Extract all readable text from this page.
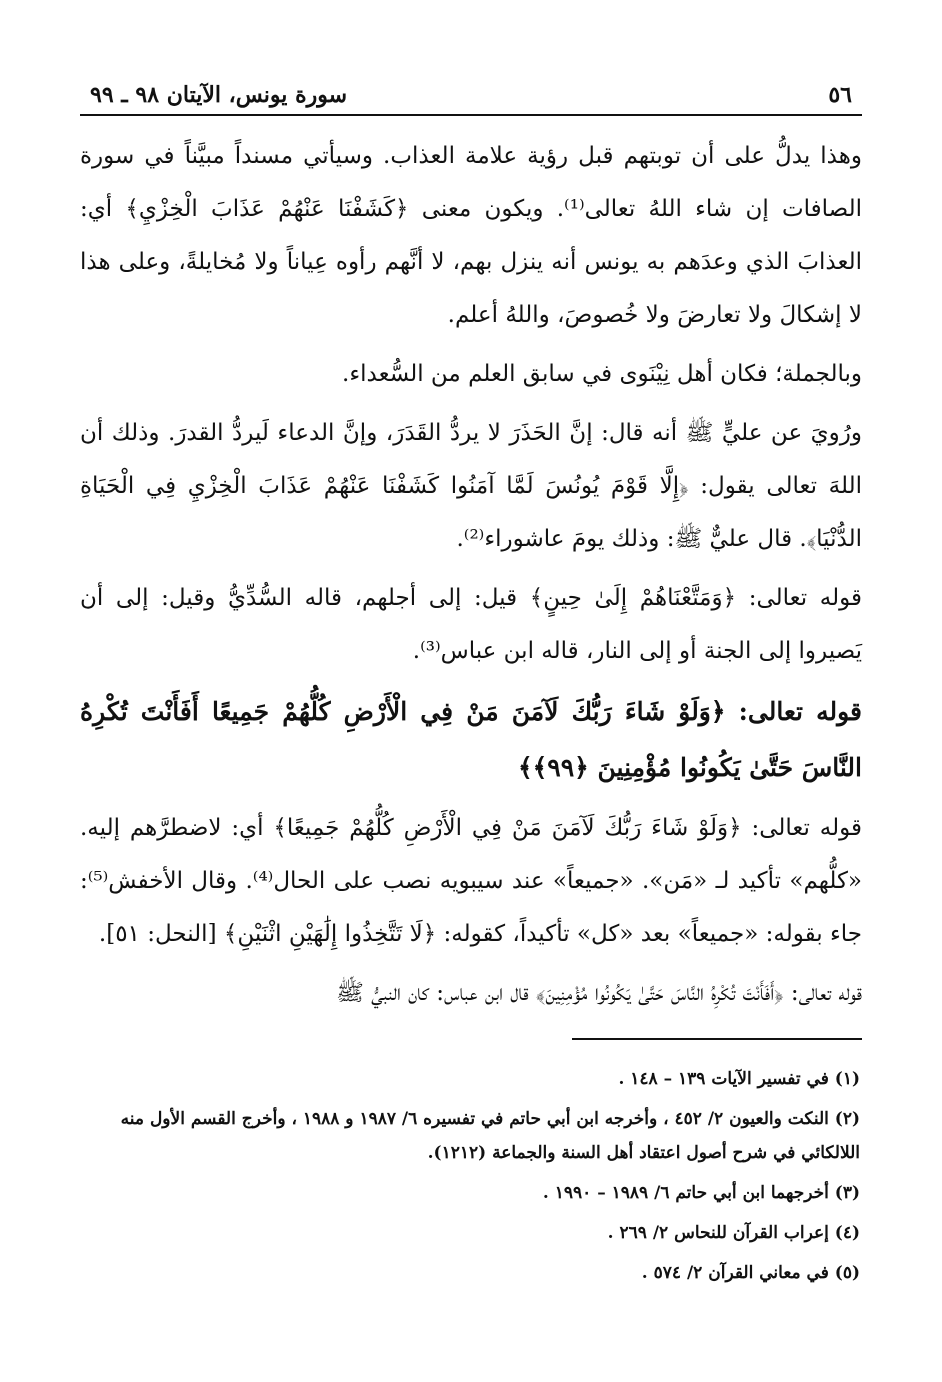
٥٦
سورة يونس، الآيتان ٩٨ ـ ٩٩

وهذا يدلُّ على أن توبتهم قبل رؤية علامة العذاب. وسيأتي مسنداً مبيَّناً في سورة الصافات إن شاء اللهُ تعالى⁽¹⁾. ويكون معنى ﴿كَشَفْنَا عَنْهُمْ عَذَابَ الْخِزْيِ﴾ أي: العذابَ الذي وعدَهم به يونس أنه ينزل بهم، لا أنَّهم رأوه عِياناً ولا مُخايلةً، وعلى هذا لا إشكالَ ولا تعارضَ ولا خُصوصَ، واللهُ أعلم.

وبالجملة؛ فكان أهل نِيْنَوى في سابق العلم من السُّعداء.

ورُويَ عن عليٍّ ﷺ أنه قال: إنَّ الحَذَرَ لا يردُّ القَدَرَ، وإنَّ الدعاء لَيردُّ القدرَ. وذلك أن اللهَ تعالى يقول: ﴿إِلَّا قَوْمَ يُونُسَ لَمَّا آمَنُوا كَشَفْنَا عَنْهُمْ عَذَابَ الْخِزْيِ فِي الْحَيَاةِ الدُّنْيَا﴾. قال عليٌّ ﷺ: وذلك يومَ عاشوراء⁽²⁾.

قوله تعالى: ﴿وَمَتَّعْنَاهُمْ إِلَىٰ حِينٍ﴾ قيل: إلى أجلهم، قاله السُّدِّيُّ وقيل: إلى أن يَصيروا إلى الجنة أو إلى النار، قاله ابن عباس⁽³⁾.

قوله تعالى: ﴿وَلَوْ شَاءَ رَبُّكَ لَآمَنَ مَنْ فِي الْأَرْضِ كُلُّهُمْ جَمِيعًا أَفَأَنْتَ تُكْرِهُ النَّاسَ حَتَّىٰ يَكُونُوا مُؤْمِنِينَ ﴿٩٩﴾﴾

قوله تعالى: ﴿وَلَوْ شَاءَ رَبُّكَ لَآمَنَ مَنْ فِي الْأَرْضِ كُلُّهُمْ جَمِيعًا﴾ أي: لاضطرَّهم إليه. «كلُّهم» تأكيد لـ «مَن». «جميعاً» عند سيبويه نصب على الحال⁽⁴⁾. وقال الأخفش⁽⁵⁾: جاء بقوله: «جميعاً» بعد «كل» تأكيداً، كقوله: ﴿لَا تَتَّخِذُوا إِلَٰهَيْنِ اثْنَيْنِ﴾ [النحل: ٥١].

قوله تعالى: ﴿أَفَأَنْتَ تُكْرِهُ النَّاسَ حَتَّىٰ يَكُونُوا مُؤْمِنِينَ﴾ قال ابن عباس: كان النبيُّ ﷺ

(١) في تفسير الآيات ١٣٩ – ١٤٨ .
(٢) النكت والعيون ٢/ ٤٥٢ ، وأخرجه ابن أبي حاتم في تفسيره ٦/ ١٩٨٧ و ١٩٨٨ ، وأخرج القسم الأول منه اللالكائي في شرح أصول اعتقاد أهل السنة والجماعة (١٢١٢).
(٣) أخرجهما ابن أبي حاتم ٦/ ١٩٨٩ – ١٩٩٠ .
(٤) إعراب القرآن للنحاس ٢/ ٢٦٩ .
(٥) في معاني القرآن ٢/ ٥٧٤ .
